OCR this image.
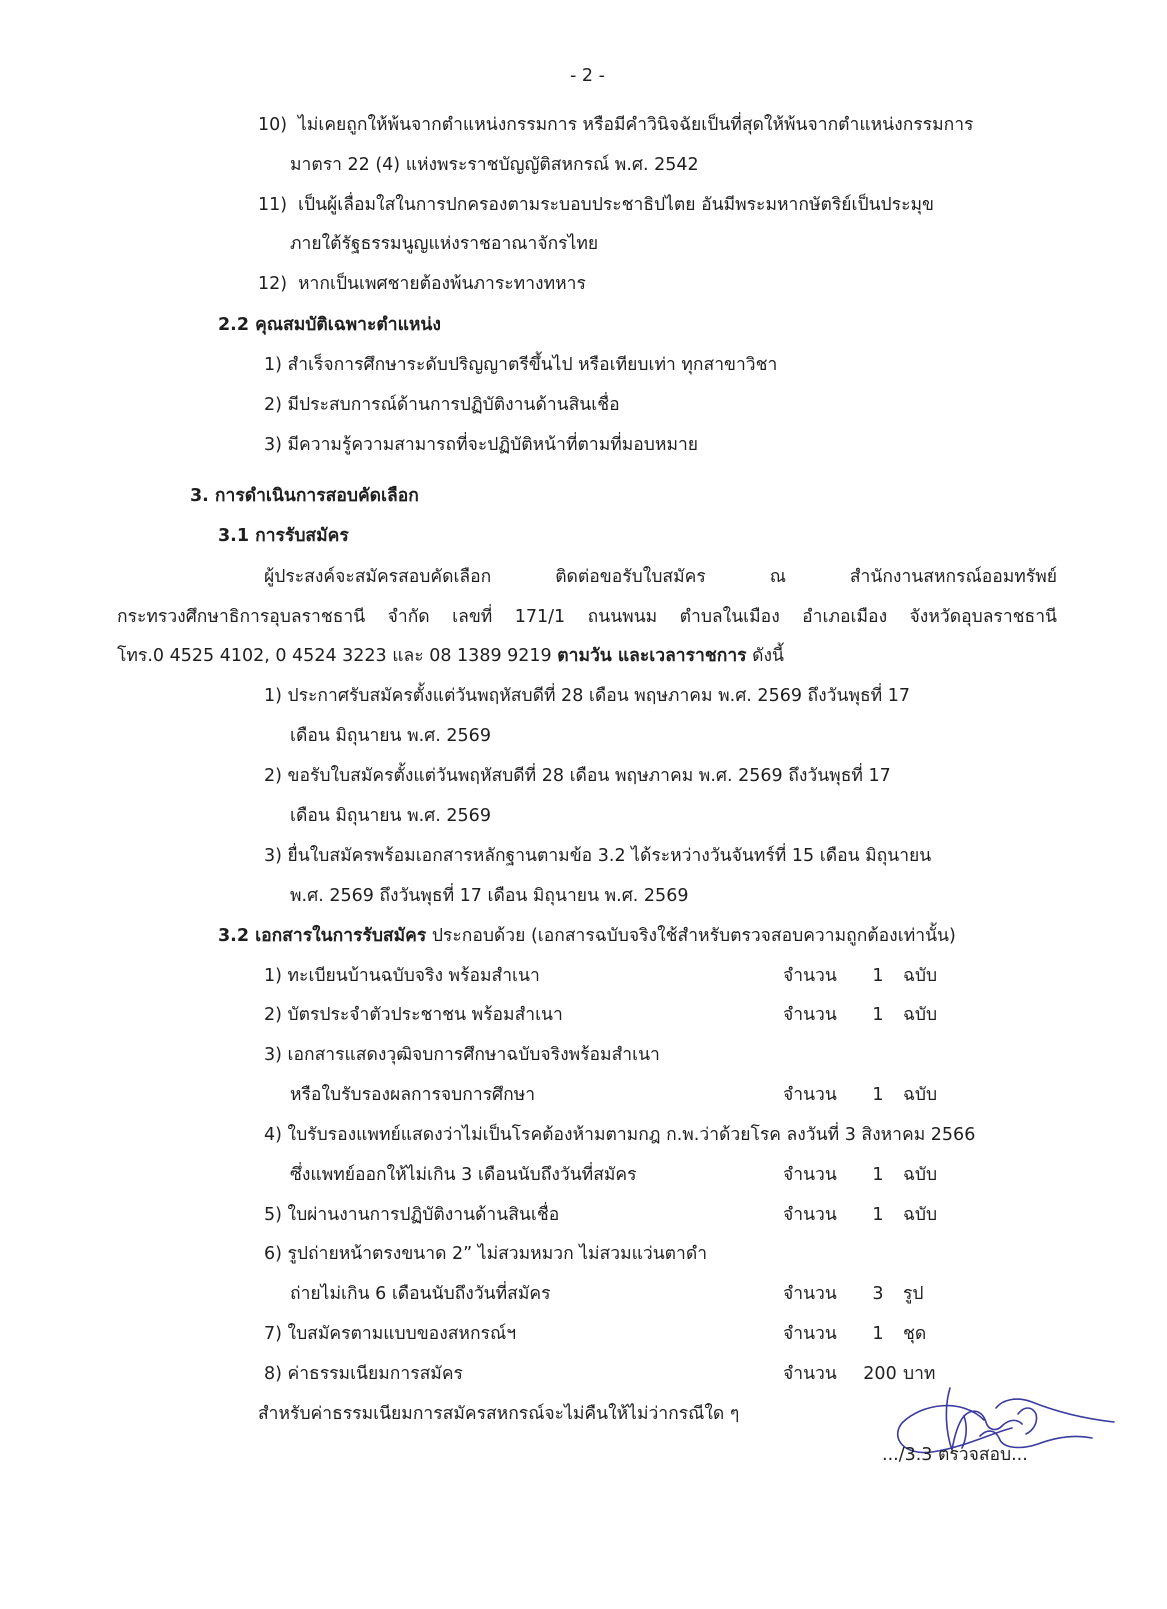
- 2 -
10) ไม่เคยถูกให้พ้นจากตำแหน่งกรรมการ หรือมีคำวินิจฉัยเป็นที่สุดให้พ้นจากตำแหน่งกรรมการ
มาตรา 22 (4) แห่งพระราชบัญญัติสหกรณ์ พ.ศ. 2542
11) เป็นผู้เลื่อมใสในการปกครองตามระบอบประชาธิปไตย อันมีพระมหากษัตริย์เป็นประมุข
ภายใต้รัฐธรรมนูญแห่งราชอาณาจักรไทย
12) หากเป็นเพศชายต้องพ้นภาระทางทหาร
2.2 คุณสมบัติเฉพาะตำแหน่ง
1) สำเร็จการศึกษาระดับปริญญาตรีขึ้นไป หรือเทียบเท่า ทุกสาขาวิชา
2) มีประสบการณ์ด้านการปฏิบัติงานด้านสินเชื่อ
3) มีความรู้ความสามารถที่จะปฏิบัติหน้าที่ตามที่มอบหมาย
3. การดำเนินการสอบคัดเลือก
3.1 การรับสมัคร
ผู้ประสงค์จะสมัครสอบคัดเลือก ติดต่อขอรับใบสมัคร ณ สำนักงานสหกรณ์ออมทรัพย์
กระทรวงศึกษาธิการอุบลราชธานี จำกัด เลขที่ 171/1 ถนนพนม ตำบลในเมือง อำเภอเมือง จังหวัดอุบลราชธานี
โทร.0 4525 4102, 0 4524 3223 และ 08 1389 9219 ตามวัน และเวลาราชการ ดังนี้
1) ประกาศรับสมัครตั้งแต่วันพฤหัสบดีที่ 28 เดือน พฤษภาคม พ.ศ. 2569 ถึงวันพุธที่ 17
เดือน มิถุนายน พ.ศ. 2569
2) ขอรับใบสมัครตั้งแต่วันพฤหัสบดีที่ 28 เดือน พฤษภาคม พ.ศ. 2569 ถึงวันพุธที่ 17
เดือน มิถุนายน พ.ศ. 2569
3) ยื่นใบสมัครพร้อมเอกสารหลักฐานตามข้อ 3.2 ได้ระหว่างวันจันทร์ที่ 15 เดือน มิถุนายน
พ.ศ. 2569 ถึงวันพุธที่ 17 เดือน มิถุนายน พ.ศ. 2569
3.2 เอกสารในการรับสมัคร ประกอบด้วย (เอกสารฉบับจริงใช้สำหรับตรวจสอบความถูกต้องเท่านั้น)
1) ทะเบียนบ้านฉบับจริง พร้อมสำเนา	จำนวน	1	ฉบับ
2) บัตรประจำตัวประชาชน พร้อมสำเนา	จำนวน	1	ฉบับ
3) เอกสารแสดงวุฒิจบการศึกษาฉบับจริงพร้อมสำเนา
หรือใบรับรองผลการจบการศึกษา	จำนวน	1	ฉบับ
4) ใบรับรองแพทย์แสดงว่าไม่เป็นโรคต้องห้ามตามกฎ ก.พ.ว่าด้วยโรค ลงวันที่ 3 สิงหาคม 2566
ซึ่งแพทย์ออกให้ไม่เกิน 3 เดือนนับถึงวันที่สมัคร	จำนวน	1	ฉบับ
5) ใบผ่านงานการปฏิบัติงานด้านสินเชื่อ	จำนวน	1	ฉบับ
6) รูปถ่ายหน้าตรงขนาด 2” ไม่สวมหมวก ไม่สวมแว่นตาดำ
ถ่ายไม่เกิน 6 เดือนนับถึงวันที่สมัคร	จำนวน	3	รูป
7) ใบสมัครตามแบบของสหกรณ์ฯ	จำนวน	1	ชุด
8) ค่าธรรมเนียมการสมัคร	จำนวน	200 บาท
สำหรับค่าธรรมเนียมการสมัครสหกรณ์จะไม่คืนให้ไม่ว่ากรณีใด ๆ
.../3.3 ตรวจสอบ...
